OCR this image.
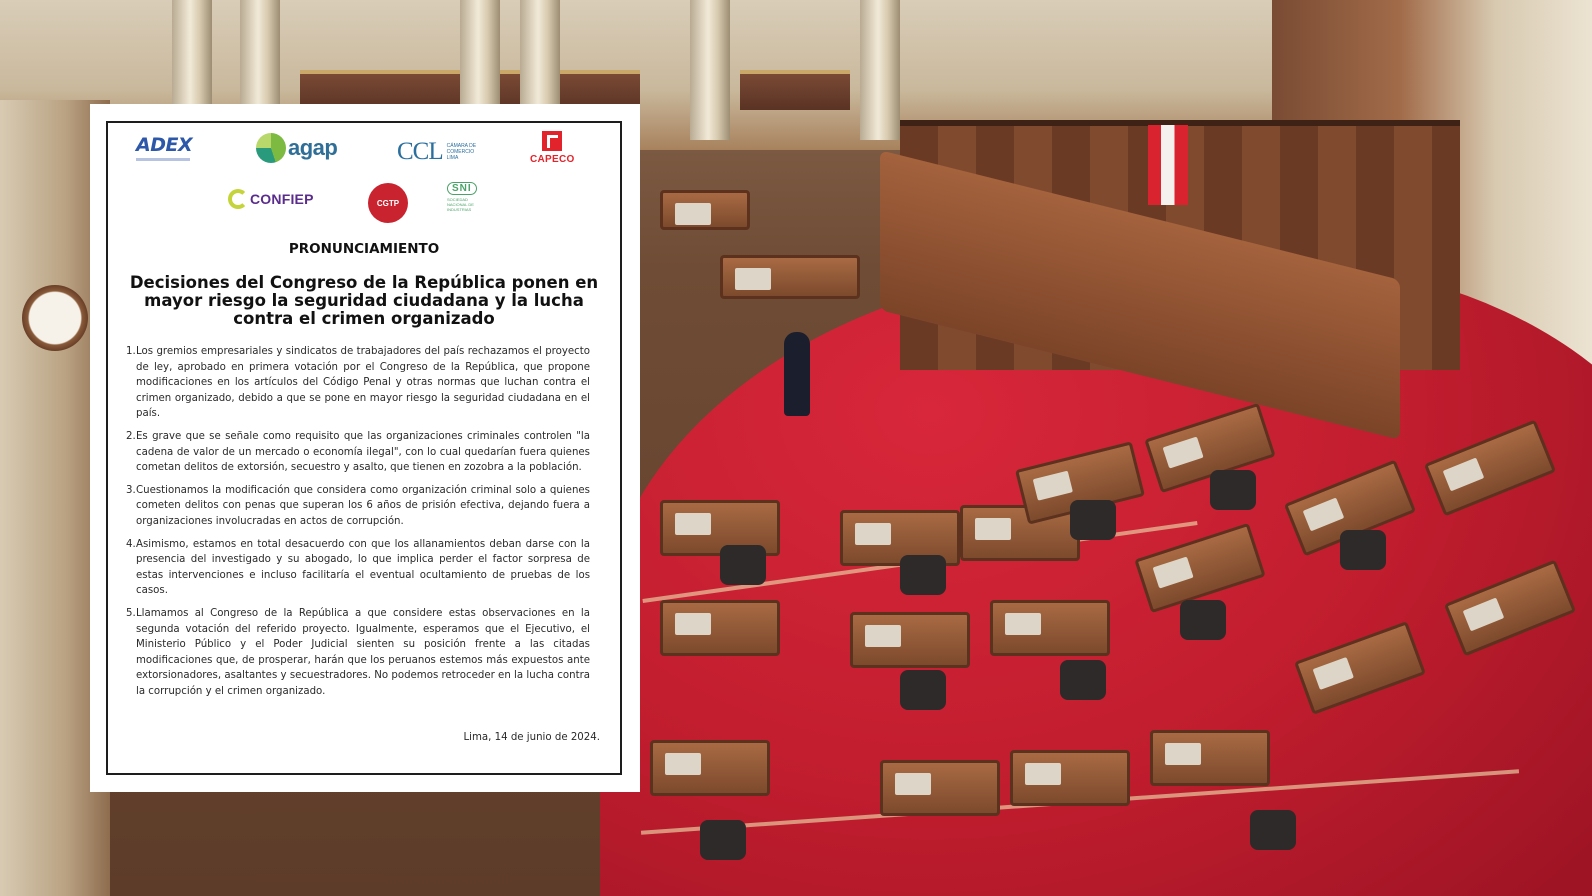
ADEX	agap CCL CÁMARA DE COMERCIO LIMA	CAPECO
CONFIEP	CGTP
SNI
SOCIEDAD NACIONAL DE INDUSTRIAS
PRONUNCIAMIENTO
Decisiones del Congreso de la República ponen en mayor riesgo la seguridad ciudadana y la lucha contra el crimen organizado
1. Los gremios empresariales y sindicatos de trabajadores del país rechazamos el proyecto de ley, aprobado en primera votación por el Congreso de la República, que propone modificaciones en los artículos del Código Penal y otras normas que luchan contra el crimen organizado, debido a que se pone en mayor riesgo la seguridad ciudadana en el país.
2. Es grave que se señale como requisito que las organizaciones criminales controlen "la cadena de valor de un mercado o economía ilegal", con lo cual quedarían fuera quienes cometan delitos de extorsión, secuestro y asalto, que tienen en zozobra a la población.
3. Cuestionamos la modificación que considera como organización criminal solo a quienes cometen delitos con penas que superan los 6 años de prisión efectiva, dejando fuera a organizaciones involucradas en actos de corrupción.
4. Asimismo, estamos en total desacuerdo con que los allanamientos deban darse con la presencia del investigado y su abogado, lo que implica perder el factor sorpresa de estas intervenciones e incluso facilitaría el eventual ocultamiento de pruebas de los casos.
5. Llamamos al Congreso de la República a que considere estas observaciones en la segunda votación del referido proyecto. Igualmente, esperamos que el Ejecutivo, el Ministerio Público y el Poder Judicial sienten su posición frente a las citadas modificaciones que, de prosperar, harán que los peruanos estemos más expuestos ante extorsionadores, asaltantes y secuestradores. No podemos retroceder en la lucha contra la corrupción y el crimen organizado.
Lima, 14 de junio de 2024.
